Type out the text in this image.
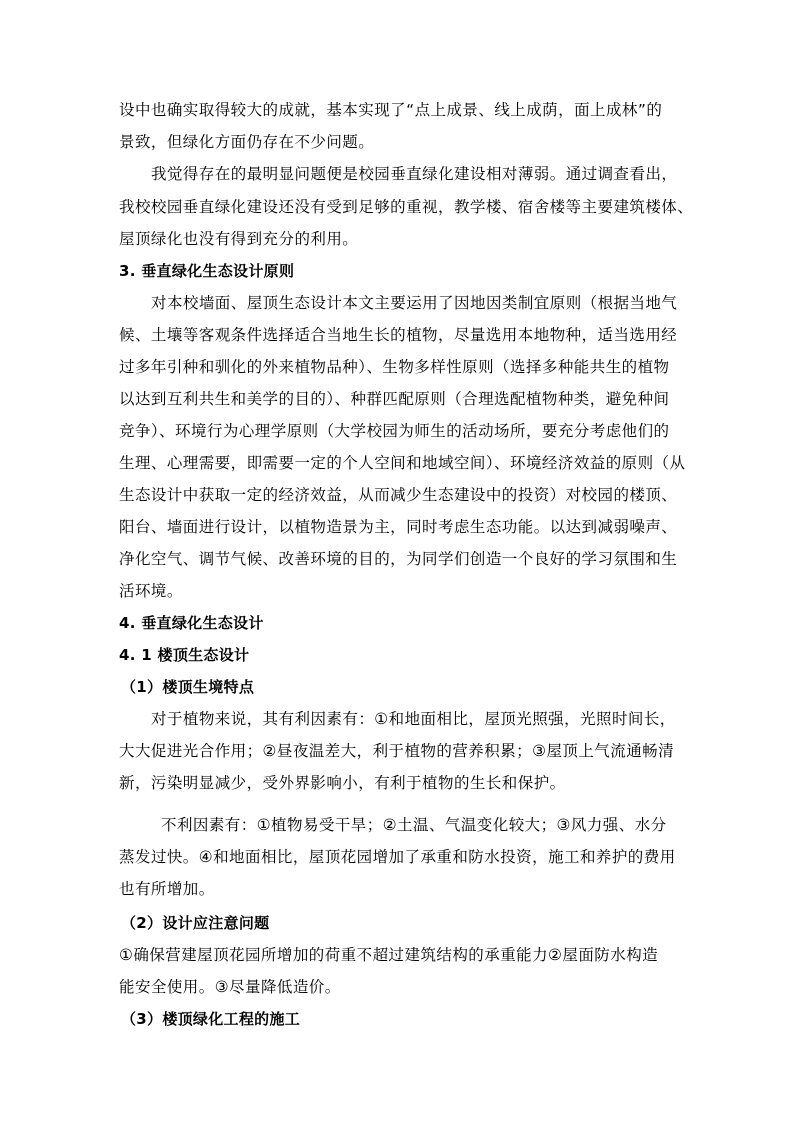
设中也确实取得较大的成就，基本实现了“点上成景、线上成荫，面上成林”的
景致，但绿化方面仍存在不少问题。
我觉得存在的最明显问题便是校园垂直绿化建设相对薄弱。通过调查看出，
我校校园垂直绿化建设还没有受到足够的重视，教学楼、宿舍楼等主要建筑楼体、
屋顶绿化也没有得到充分的利用。
3. 垂直绿化生态设计原则
对本校墙面、屋顶生态设计本文主要运用了因地因类制宜原则（根据当地气
候、土壤等客观条件选择适合当地生长的植物，尽量选用本地物种，适当选用经
过多年引种和驯化的外来植物品种）、生物多样性原则（选择多种能共生的植物
以达到互利共生和美学的目的）、种群匹配原则（合理选配植物种类，避免种间
竞争）、环境行为心理学原则（大学校园为师生的活动场所，要充分考虑他们的
生理、心理需要，即需要一定的个人空间和地域空间）、环境经济效益的原则（从
生态设计中获取一定的经济效益，从而减少生态建设中的投资）对校园的楼顶、
阳台、墙面进行设计，以植物造景为主，同时考虑生态功能。以达到减弱噪声、
净化空气、调节气候、改善环境的目的，为同学们创造一个良好的学习氛围和生
活环境。
4. 垂直绿化生态设计
4. 1 楼顶生态设计
（1）楼顶生境特点
对于植物来说，其有利因素有：①和地面相比，屋顶光照强，光照时间长，
大大促进光合作用；②昼夜温差大，利于植物的营养积累；③屋顶上气流通畅清
新，污染明显减少，受外界影响小，有利于植物的生长和保护。
不利因素有：①植物易受干旱；②土温、气温变化较大；③风力强、水分
蒸发过快。④和地面相比，屋顶花园增加了承重和防水投资，施工和养护的费用
也有所增加。
（2）设计应注意问题
①确保营建屋顶花园所增加的荷重不超过建筑结构的承重能力②屋面防水构造
能安全使用。③尽量降低造价。
（3）楼顶绿化工程的施工
